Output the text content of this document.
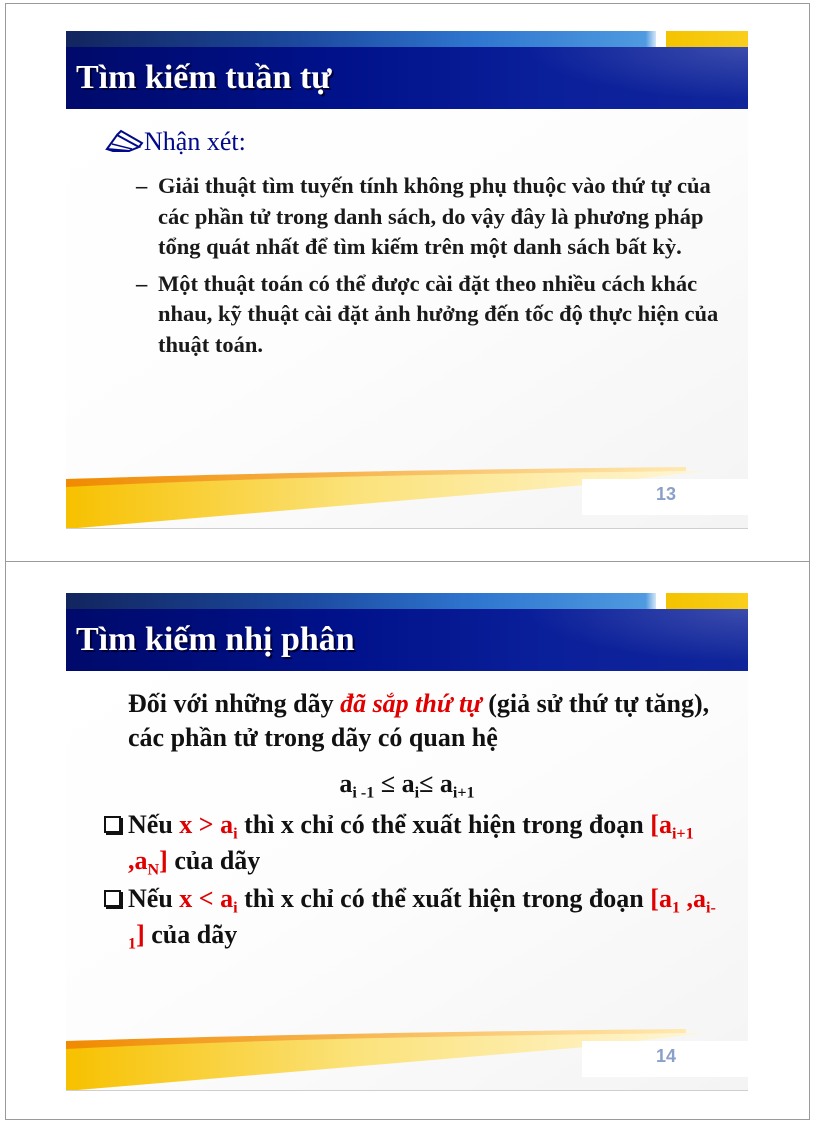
Tìm kiếm tuần tự
Nhận xét:
– Giải thuật tìm tuyến tính không phụ thuộc vào thứ tự của các phần tử trong danh sách, do vậy đây là phương pháp tổng quát nhất để tìm kiếm trên một danh sách bất kỳ.
– Một thuật toán có thể được cài đặt theo nhiều cách khác nhau, kỹ thuật cài đặt ảnh hưởng đến tốc độ thực hiện của thuật toán.
13
Tìm kiếm nhị phân
Đối với những dãy đã sắp thứ tự (giả sử thứ tự tăng), các phần tử trong dãy có quan hệ
$a_{i -1} \le a_i\le a_{i+1}$
Nếu $x > a_i$ thì x chỉ có thể xuất hiện trong đoạn [$a_{i+1}$ $,a_N$] của dãy
Nếu $x < a_i$ thì x chỉ có thể xuất hiện trong đoạn [$a_1$ $,a_{i-1}$] của dãy
14
